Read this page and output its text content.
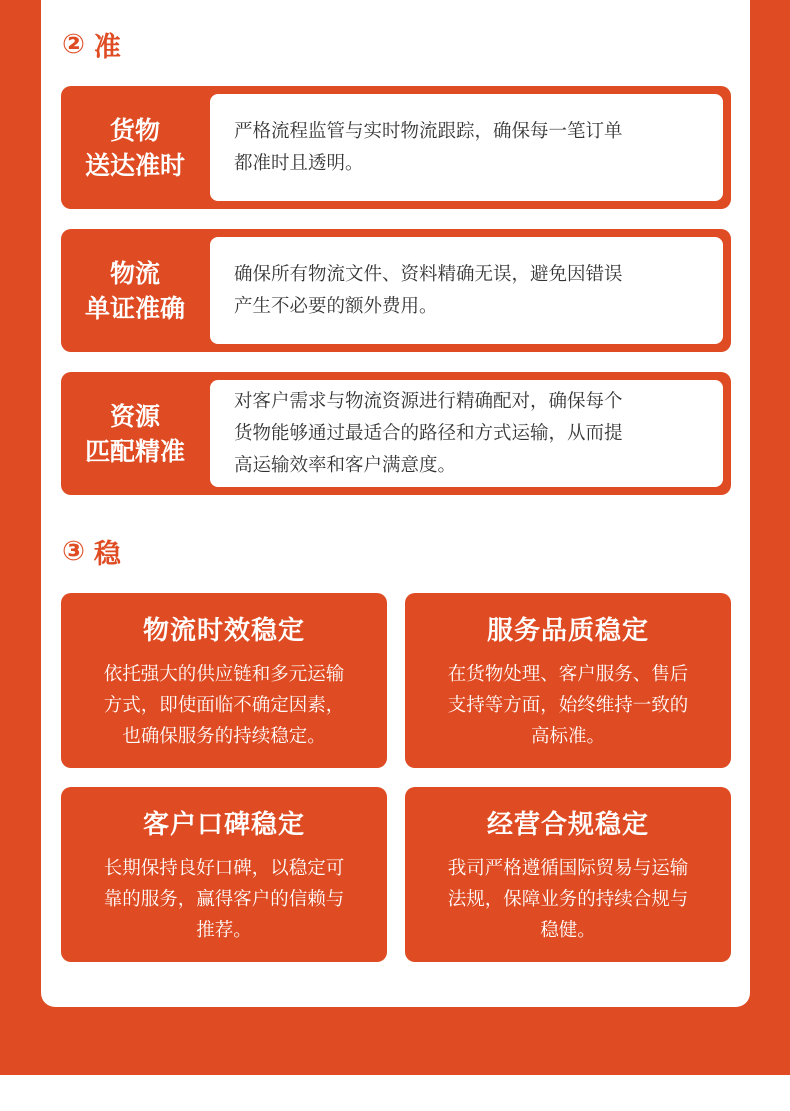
② 准
货物
送达准时
严格流程监管与实时物流跟踪，确保每一笔订单
都准时且透明。
物流
单证准确
确保所有物流文件、资料精确无误，避免因错误
产生不必要的额外费用。
资源
匹配精准
对客户需求与物流资源进行精确配对，确保每个
货物能够通过最适合的路径和方式运输，从而提
高运输效率和客户满意度。
③ 稳
物流时效稳定
依托强大的供应链和多元运输
方式，即使面临不确定因素，
也确保服务的持续稳定。
服务品质稳定
在货物处理、客户服务、售后
支持等方面，始终维持一致的
高标准。
客户口碑稳定
长期保持良好口碑，以稳定可
靠的服务，赢得客户的信赖与
推荐。
经营合规稳定
我司严格遵循国际贸易与运输
法规，保障业务的持续合规与
稳健。
